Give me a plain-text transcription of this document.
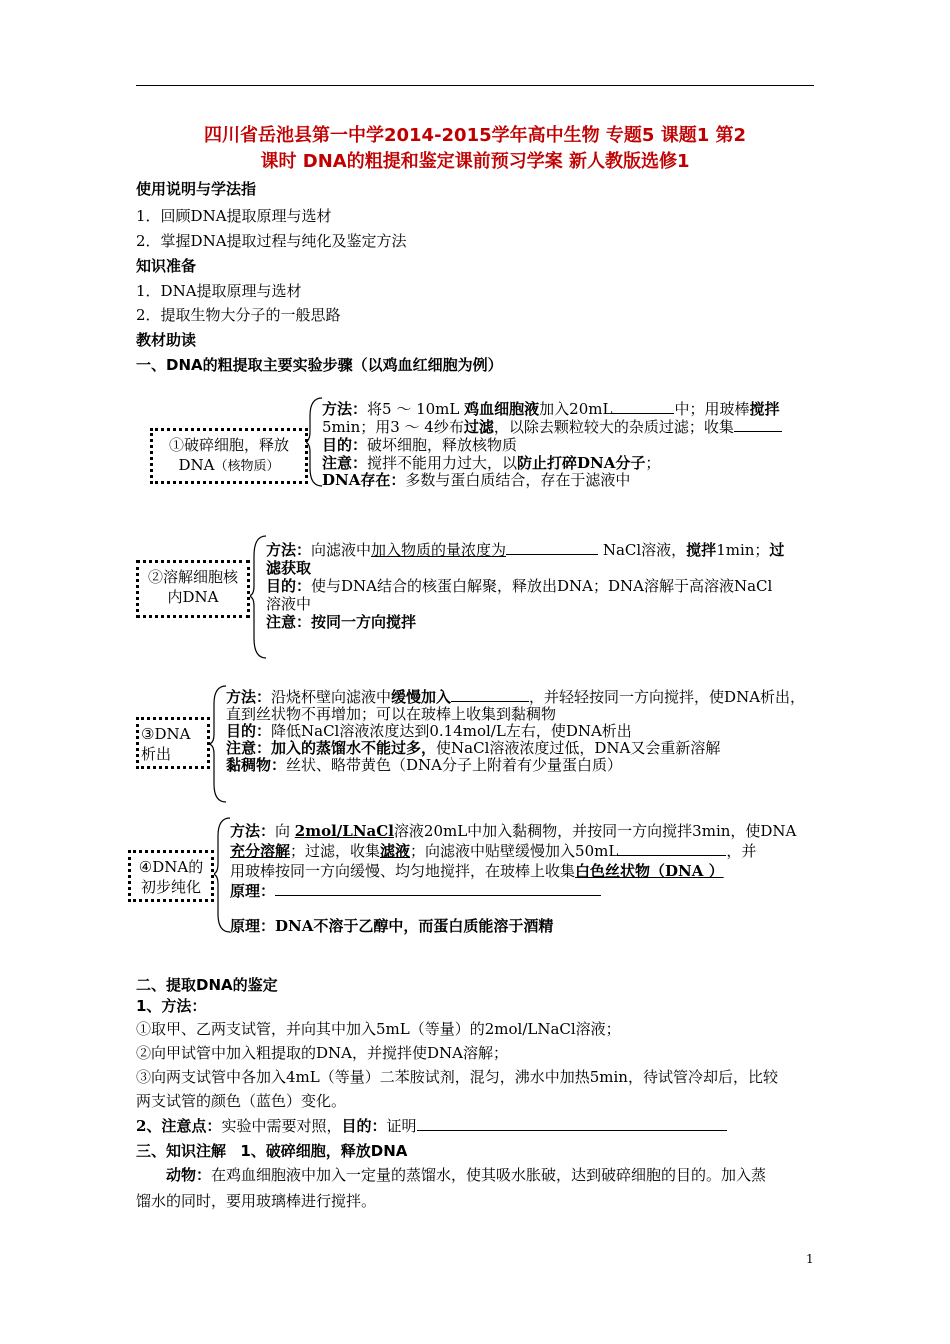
四川省岳池县第一中学2014-2015学年高中生物 专题5 课题1 第2
课时 DNA的粗提和鉴定课前预习学案 新人教版选修1
使用说明与学法指
1．回顾DNA提取原理与选材
2．掌握DNA提取过程与纯化及鉴定方法
知识准备
1．DNA提取原理与选材
2．提取生物大分子的一般思路
教材助读
一、DNA的粗提取主要实验步骤（以鸡血红细胞为例）
①破碎细胞，释放
DNA（核物质）
方法：将5 ～ 10mL 鸡血细胞液加入20mL	中；用玻棒搅拌
5min；用3 ～ 4纱布过滤，以除去颗粒较大的杂质过滤；收集
目的：破坏细胞，释放核物质
注意：搅拌不能用力过大，以防止打碎DNA分子；
DNA存在：多数与蛋白质结合，存在于滤液中
②溶解细胞核
内DNA
方法：向滤液中加入物质的量浓度为	NaCl溶液，搅拌1min；过
滤获取
目的：使与DNA结合的核蛋白解聚，释放出DNA；DNA溶解于高溶液NaCl
溶液中
注意：按同一方向搅拌
③DNA
析出
方法：沿烧杯壁向滤液中缓慢加入	，并轻轻按同一方向搅拌，使DNA析出，
直到丝状物不再增加；可以在玻棒上收集到黏稠物
目的：降低NaCl溶液浓度达到0.14mol/L左右，使DNA析出
注意：加入的蒸馏水不能过多，使NaCl溶液浓度过低，DNA又会重新溶解
黏稠物：丝状、略带黄色（DNA分子上附着有少量蛋白质）
④DNA的
初步纯化
方法：向 2mol/LNaCl溶液20mL中加入黏稠物，并按同一方向搅拌3min，使DNA
充分溶解；过滤，收集滤液；向滤液中贴壁缓慢加入50mL	，并
用玻棒按同一方向缓慢、均匀地搅拌，在玻棒上收集白色丝状物（DNA ）
原理：
原理：DNA不溶于乙醇中，而蛋白质能溶于酒精
二、提取DNA的鉴定
1、方法：
①取甲、乙两支试管，并向其中加入5mL（等量）的2mol/LNaCl溶液；
②向甲试管中加入粗提取的DNA，并搅拌使DNA溶解；
③向两支试管中各加入4mL（等量）二苯胺试剂，混匀，沸水中加热5min，待试管冷却后，比较
两支试管的颜色（蓝色）变化。
2、注意点：实验中需要对照，目的：证明
三、知识注解 1、破碎细胞，释放DNA
动物：在鸡血细胞液中加入一定量的蒸馏水，使其吸水胀破，达到破碎细胞的目的。加入蒸
馏水的同时，要用玻璃棒进行搅拌。
1
